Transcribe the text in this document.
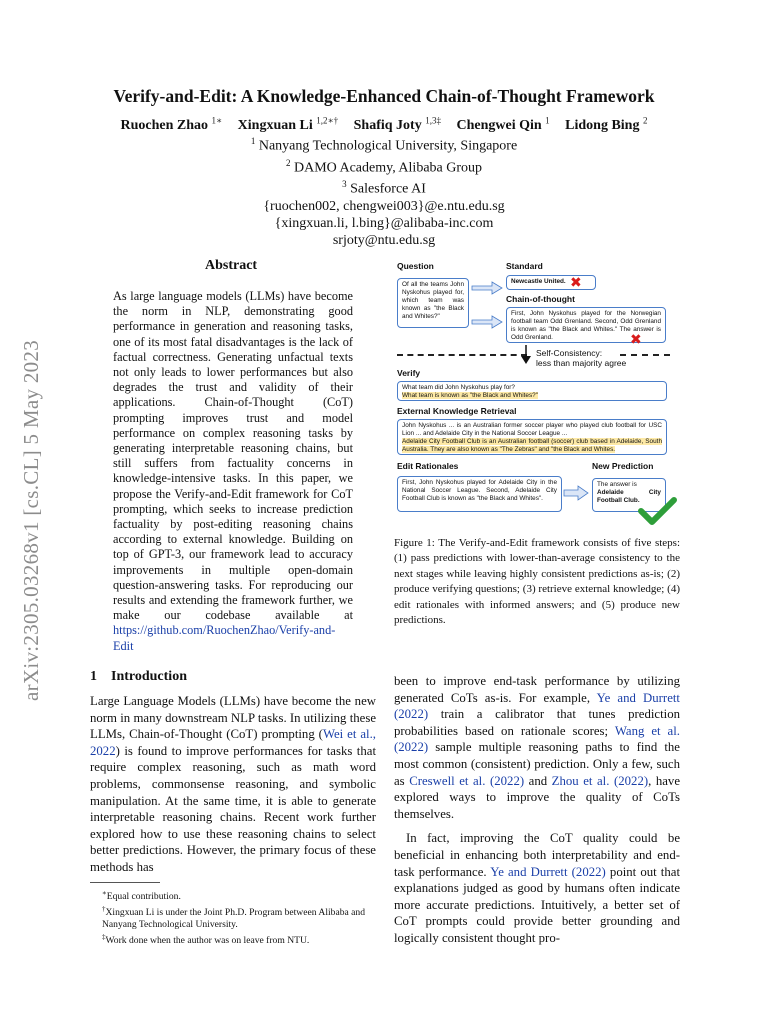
arXiv:2305.03268v1 [cs.CL] 5 May 2023
Verify-and-Edit: A Knowledge-Enhanced Chain-of-Thought Framework
Ruochen Zhao $^{1∗}$ Xingxuan Li $^{1,2∗\dagger}$ Shafiq Joty $^{1,3\ddagger}$ Chengwei Qin $^1$ Lidong Bing $^2$
$^1$ Nanyang Technological University, Singapore
$^2$ DAMO Academy, Alibaba Group
$^3$ Salesforce AI
{ruochen002, chengwei003}@e.ntu.edu.sg
{xingxuan.li, l.bing}@alibaba-inc.com
srjoty@ntu.edu.sg
Abstract
As large language models (LLMs) have become the norm in NLP, demonstrating good performance in generation and reasoning tasks, one of its most fatal disadvantages is the lack of factual correctness. Generating unfactual texts not only leads to lower performances but also degrades the trust and validity of their applications. Chain-of-Thought (CoT) prompting improves trust and model performance on complex reasoning tasks by generating interpretable reasoning chains, but still suffers from factuality concerns in knowledge-intensive tasks. In this paper, we propose the Verify-and-Edit framework for CoT prompting, which seeks to increase prediction factuality by post-editing reasoning chains according to external knowledge. Building on top of GPT-3, our framework lead to accuracy improvements in multiple open-domain question-answering tasks. For reproducing our results and extending the framework further, we make our codebase available at https://github.com/RuochenZhao/Verify-and-Edit
Question	Standard
Chain-of-thought
Of all the teams John Nyskohus played for, which team was known as "the Black and Whites?"
Newcastle United. ✖
First, John Nyskohus played for the Norwegian football team Odd Grenland. Second, Odd Grenland is known as "the Black and Whites." The answer is Odd Grenland.	✖
Self-Consistency:
less than majority agree
Verify
What team did John Nyskohus play for?
What team is known as "the Black and Whites?"
External Knowledge Retrieval
John Nyskohus ... is an Australian former soccer player who played club football for USC Lion ... and Adelaide City in the National Soccer League ...
Adelaide City Football Club is an Australian football (soccer) club based in Adelaide, South Australia. They are also known as "The Zebras" and "the Black and Whites.
Edit Rationales	New Prediction
First, John Nyskohus played for Adelaide City in the National Soccer League. Second, Adelaide City Football Club is known as "the Black and Whites".
The answer is
Adelaide City Football Club.
Figure 1: The Verify-and-Edit framework consists of five steps: (1) pass predictions with lower-than-average consistency to the next stages while leaving highly consistent predictions as-is; (2) produce verifying questions; (3) retrieve external knowledge; (4) edit rationales with informed answers; and (5) produce new predictions.
1 Introduction

Large Language Models (LLMs) have become the new norm in many downstream NLP tasks. In utilizing these LLMs, Chain-of-Thought (CoT) prompting (Wei et al., 2022) is found to improve performances for tasks that require complex reasoning, such as math word problems, commonsense reasoning, and symbolic manipulation. At the same time, it is able to generate interpretable reasoning chains. Recent work further explored how to use these reasoning chains to select better predictions. However, the primary focus of these methods has

∗Equal contribution.

†Xingxuan Li is under the Joint Ph.D. Program between Alibaba and Nanyang Technological University.

‡Work done when the author was on leave from NTU.

been to improve end-task performance by utilizing generated CoTs as-is. For example, Ye and Durrett (2022) train a calibrator that tunes prediction probabilities based on rationale scores; Wang et al. (2022) sample multiple reasoning paths to find the most common (consistent) prediction. Only a few, such as Creswell et al. (2022) and Zhou et al. (2022), have explored ways to improve the quality of CoTs themselves.

In fact, improving the CoT quality could be beneficial in enhancing both interpretability and end-task performance. Ye and Durrett (2022) point out that explanations judged as good by humans often indicate more accurate predictions. Intuitively, a better set of CoT prompts could provide better grounding and logically consistent thought pro-
